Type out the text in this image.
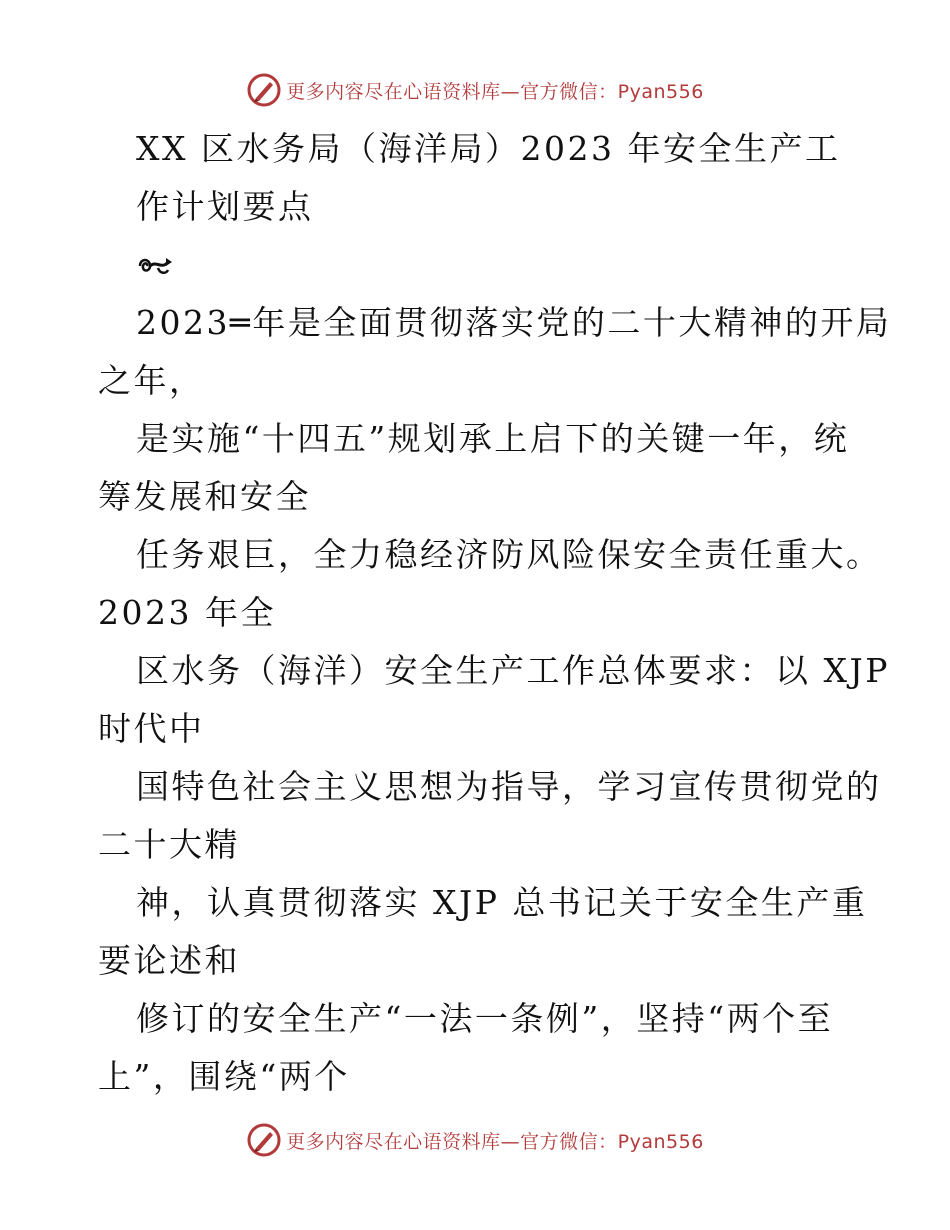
更多内容尽在心语资料库—官方微信：Pyan556
XX 区水务局（海洋局）2023 年安全生产工
作计划要点
2023═年是全面贯彻落实党的二十大精神的开局
之年，
是实施“十四五”规划承上启下的关键一年，统
筹发展和安全
任务艰巨，全力稳经济防风险保安全责任重大。
2023 年全
区水务（海洋）安全生产工作总体要求：以 XJP
时代中
国特色社会主义思想为指导，学习宣传贯彻党的
二十大精
神，认真贯彻落实 XJP 总书记关于安全生产重
要论述和
修订的安全生产“一法一条例”，坚持“两个至
上”，围绕“两个
更多内容尽在心语资料库—官方微信：Pyan556
